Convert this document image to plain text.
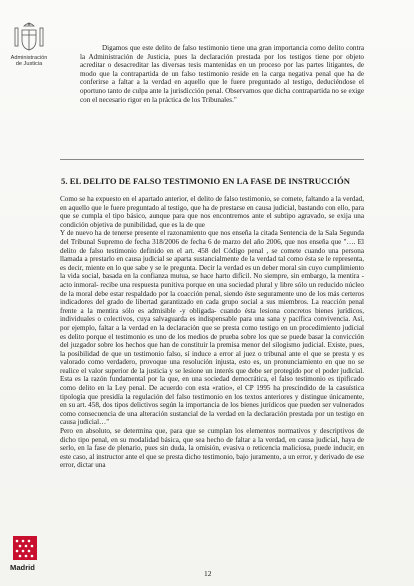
Administración
de Justicia

Digamos que este delito de falso testimonio tiene una gran importancia como delito contra la Administración de Justicia, pues la declaración prestada por los testigos tiene por objeto acreditar o desacreditar las diversas tesis mantenidas en un proceso por las partes litigantes, de modo que la contrapartida de un falso testimonio reside en la carga negativa penal que ha de conferirse a faltar a la verdad en aquello que le fuere preguntado al testigo, deduciéndose el oportuno tanto de culpa ante la jurisdicción penal. Observamos que dicha contrapartida no se exige con el necesario rigor en la práctica de los Tribunales."

5. EL DELITO DE FALSO TESTIMONIO EN LA FASE DE INSTRUCCIÓN

Como se ha expuesto en el apartado anterior, el delito de falso testimonio, se comete, faltando a la verdad, en aquello que le fuere preguntado al testigo, que ha de prestarse en causa judicial, bastando con ello, para que se cumpla el tipo básico, aunque para que nos encontremos ante el subtipo agravado, se exija una condición objetiva de punibilidad, que es la de que

Y de nuevo ha de tenerse presente el razonamiento que nos enseña la citada Sentencia de la Sala Segunda del Tribunal Supremo de fecha 318/2006 de fecha 6 de marzo del año 2006, que nos enseña que "…. El delito de falso testimonio definido en el art. 458 del Código penal , se comete cuando una persona llamada a prestarlo en causa judicial se aparta sustancialmente de la verdad tal como ésta se le representa, es decir, miente en lo que sabe y se le pregunta. Decir la verdad es un deber moral sin cuyo cumplimiento la vida social, basada en la confianza mutua, se hace harto difícil. No siempre, sin embargo, la mentira -acto inmoral- recibe una respuesta punitiva porque en una sociedad plural y libre sólo un reducido núcleo de la moral debe estar respaldado por la coacción penal, siendo éste seguramente uno de los más certeros indicadores del grado de libertad garantizado en cada grupo social a sus miembros. La reacción penal frente a la mentira sólo es admisible -y obligada- cuando ésta lesiona concretos bienes jurídicos, individuales o colectivos, cuya salvaguarda es indispensable para una sana y pacífica convivencia. Así, por ejemplo, faltar a la verdad en la declaración que se presta como testigo en un procedimiento judicial es delito porque el testimonio es uno de los medios de prueba sobre los que se puede basar la convicción del juzgador sobre los hechos que han de constituir la premisa menor del silogismo judicial. Existe, pues, la posibilidad de que un testimonio falso, sí induce a error al juez o tribunal ante el que se presta y es valorado como verdadero, provoque una resolución injusta, esto es, un pronunciamiento en que no se realice el valor superior de la justicia y se lesione un interés que debe ser protegido por el poder judicial. Esta es la razón fundamental por la que, en una sociedad democrática, el falso testimonio es tipificado como delito en la Ley penal. De acuerdo con esta «ratio», el CP 1995 ha prescindido de la casuística tipología que presidía la regulación del falso testimonio en los textos anteriores y distingue únicamente, en su art. 458, dos tipos delictivos según la importancia de los bienes jurídicos que pueden ser vulnerados como consecuencia de una alteración sustancial de la verdad en la declaración prestada por un testigo en causa judicial…"

Pero en absoluto, se determina que, para que se cumplan los elementos normativos y descriptivos de dicho tipo penal, en su modalidad básica, que sea hecho de faltar a la verdad, en causa judicial, haya de serlo, en la fase de plenario, pues sin duda, la omisión, evasiva o reticencia maliciosa, puede inducir, en este caso, al instructor ante el que se presta dicho testimonio, bajo juramento, a un error, y derivado de ese error, dictar una

12
Madrid
